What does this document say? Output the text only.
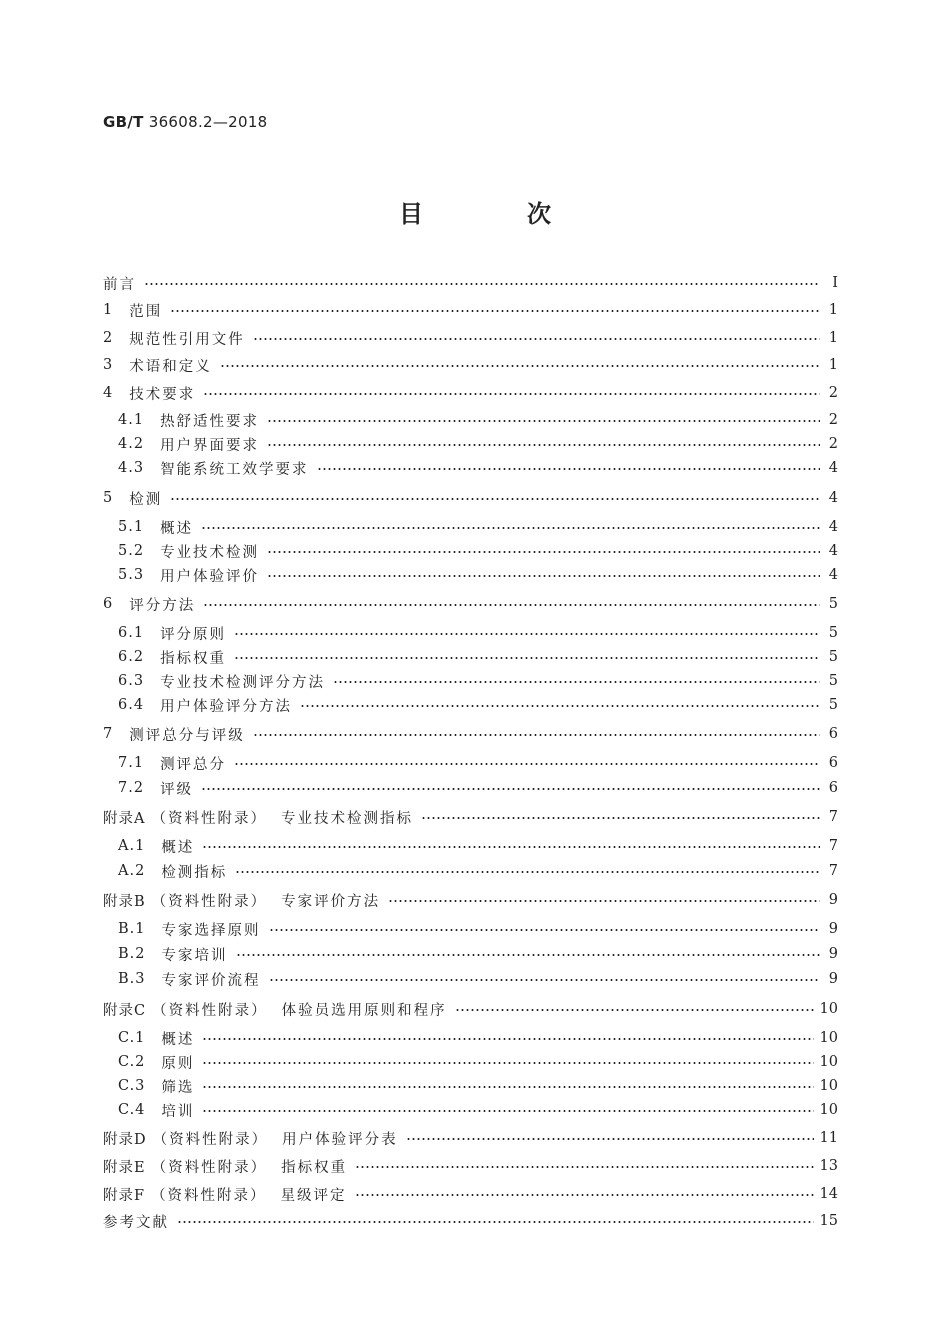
GB/T 36608.2—2018
目　次
前言	I
1 范围	1
2 规范性引用文件	1
3 术语和定义	1
4 技术要求	2
4.1 热舒适性要求	2
4.2 用户界面要求	2
4.3 智能系统工效学要求	4
5 检测	4
5.1 概述	4
5.2 专业技术检测	4
5.3 用户体验评价	4
6 评分方法	5
6.1 评分原则	5
6.2 指标权重	5
6.3 专业技术检测评分方法	5
6.4 用户体验评分方法	5
7 测评总分与评级	6
7.1 测评总分	6
7.2 评级	6
附录A （资料性附录） 专业技术检测指标	7
A.1 概述	7
A.2 检测指标	7
附录B （资料性附录） 专家评价方法	9
B.1 专家选择原则	9
B.2 专家培训	9
B.3 专家评价流程	9
附录C （资料性附录） 体验员选用原则和程序	10
C.1 概述	10
C.2 原则	10
C.3 筛选	10
C.4 培训	10
附录D （资料性附录） 用户体验评分表	11
附录E （资料性附录） 指标权重	13
附录F （资料性附录） 星级评定	14
参考文献	15
